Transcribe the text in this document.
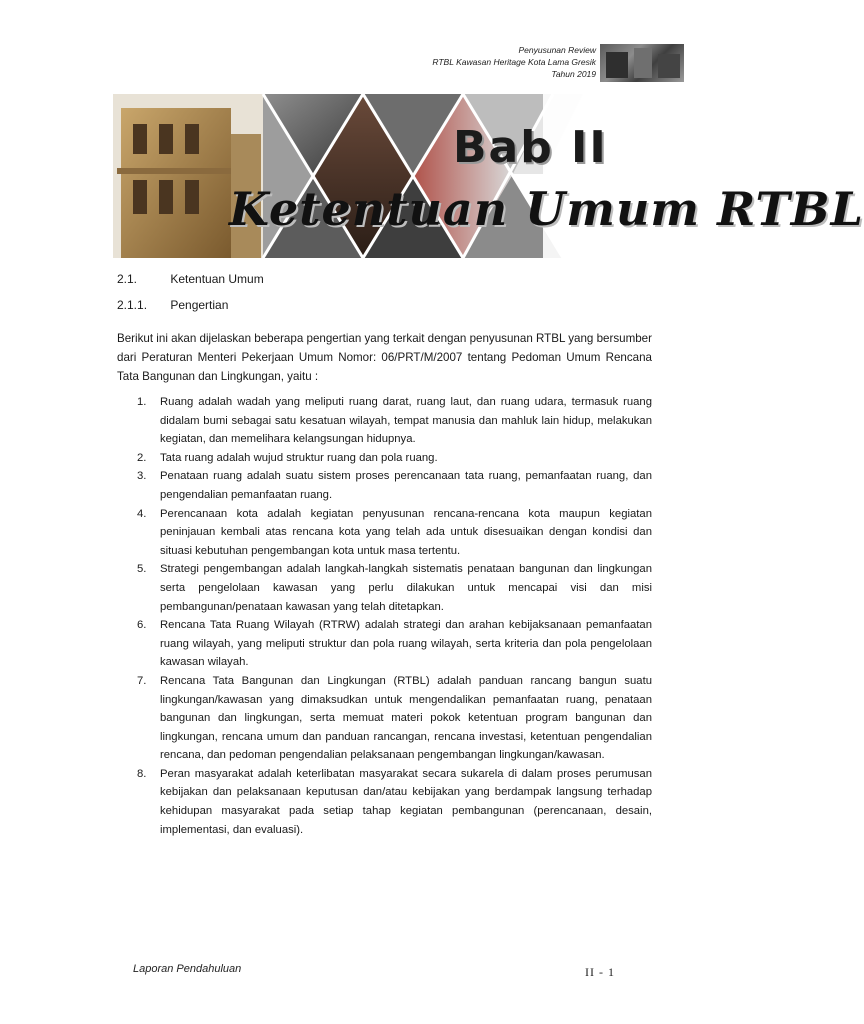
Penyusunan Review
RTBL Kawasan Heritage Kota Lama Gresik
Tahun 2019
Bab II
Ketentuan Umum RTBL
2.1.	Ketentuan Umum
2.1.1. Pengertian

Berikut ini akan dijelaskan beberapa pengertian yang terkait dengan penyusunan RTBL yang bersumber dari Peraturan Menteri Pekerjaan Umum Nomor: 06/PRT/M/2007 tentang Pedoman Umum Rencana Tata Bangunan dan Lingkungan, yaitu :

1. Ruang adalah wadah yang meliputi ruang darat, ruang laut, dan ruang udara, termasuk ruang didalam bumi sebagai satu kesatuan wilayah, tempat manusia dan mahluk lain hidup, melakukan kegiatan, dan memelihara kelangsungan hidupnya.
2. Tata ruang adalah wujud struktur ruang dan pola ruang.
3. Penataan ruang adalah suatu sistem proses perencanaan tata ruang, pemanfaatan ruang, dan pengendalian pemanfaatan ruang.
4. Perencanaan kota adalah kegiatan penyusunan rencana-rencana kota maupun kegiatan peninjauan kembali atas rencana kota yang telah ada untuk disesuaikan dengan kondisi dan situasi kebutuhan pengembangan kota untuk masa tertentu.
5. Strategi pengembangan adalah langkah-langkah sistematis penataan bangunan dan lingkungan serta pengelolaan kawasan yang perlu dilakukan untuk mencapai visi dan misi pembangunan/penataan kawasan yang telah ditetapkan.
6. Rencana Tata Ruang Wilayah (RTRW) adalah strategi dan arahan kebijaksanaan pemanfaatan ruang wilayah, yang meliputi struktur dan pola ruang wilayah, serta kriteria dan pola pengelolaan kawasan wilayah.
7. Rencana Tata Bangunan dan Lingkungan (RTBL) adalah panduan rancang bangun suatu lingkungan/kawasan yang dimaksudkan untuk mengendalikan pemanfaatan ruang, penataan bangunan dan lingkungan, serta memuat materi pokok ketentuan program bangunan dan lingkungan, rencana umum dan panduan rancangan, rencana investasi, ketentuan pengendalian rencana, dan pedoman pengendalian pelaksanaan pengembangan lingkungan/kawasan.
8. Peran masyarakat adalah keterlibatan masyarakat secara sukarela di dalam proses perumusan kebijakan dan pelaksanaan keputusan dan/atau kebijakan yang berdampak langsung terhadap kehidupan masyarakat pada setiap tahap kegiatan pembangunan (perencanaan, desain, implementasi, dan evaluasi).
Laporan Pendahuluan	II - 1
